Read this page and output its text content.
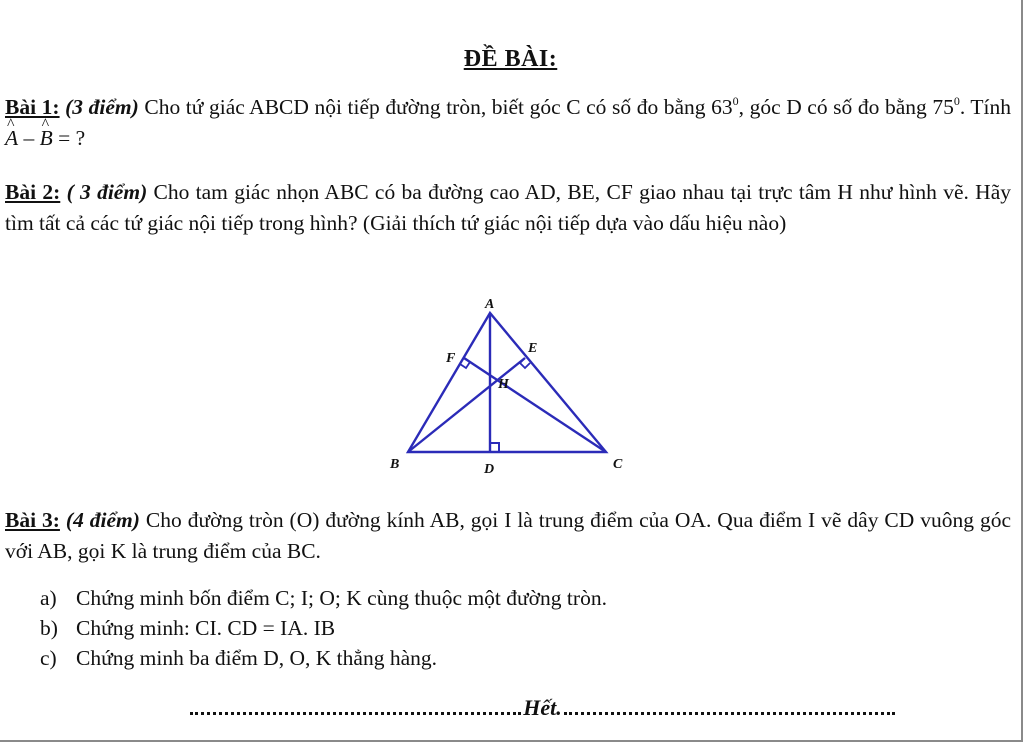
ĐỀ BÀI:
Bài 1: (3 điểm) Cho tứ giác ABCD nội tiếp đường tròn, biết góc C có số đo bằng $63^0$, góc D có số đo bằng $75^0$. Tính ^ A – ^ B = ?
Bài 2: ( 3 điểm) Cho tam giác nhọn ABC có ba đường cao AD, BE, CF giao nhau tại trực tâm H như hình vẽ. Hãy tìm tất cả các tứ giác nội tiếp trong hình? (Giải thích tứ giác nội tiếp dựa vào dấu hiệu nào)
A
B	C
D
E
F
H
Bài 3: (4 điểm) Cho đường tròn (O) đường kính AB, gọi I là trung điểm của OA. Qua điểm I vẽ dây CD vuông góc với AB, gọi K là trung điểm của BC.
a) Chứng minh bốn điểm C; I; O; K cùng thuộc một đường tròn.
b) Chứng minh: CI. CD = IA. IB
c) Chứng minh ba điểm D, O, K thẳng hàng.
Hết.
